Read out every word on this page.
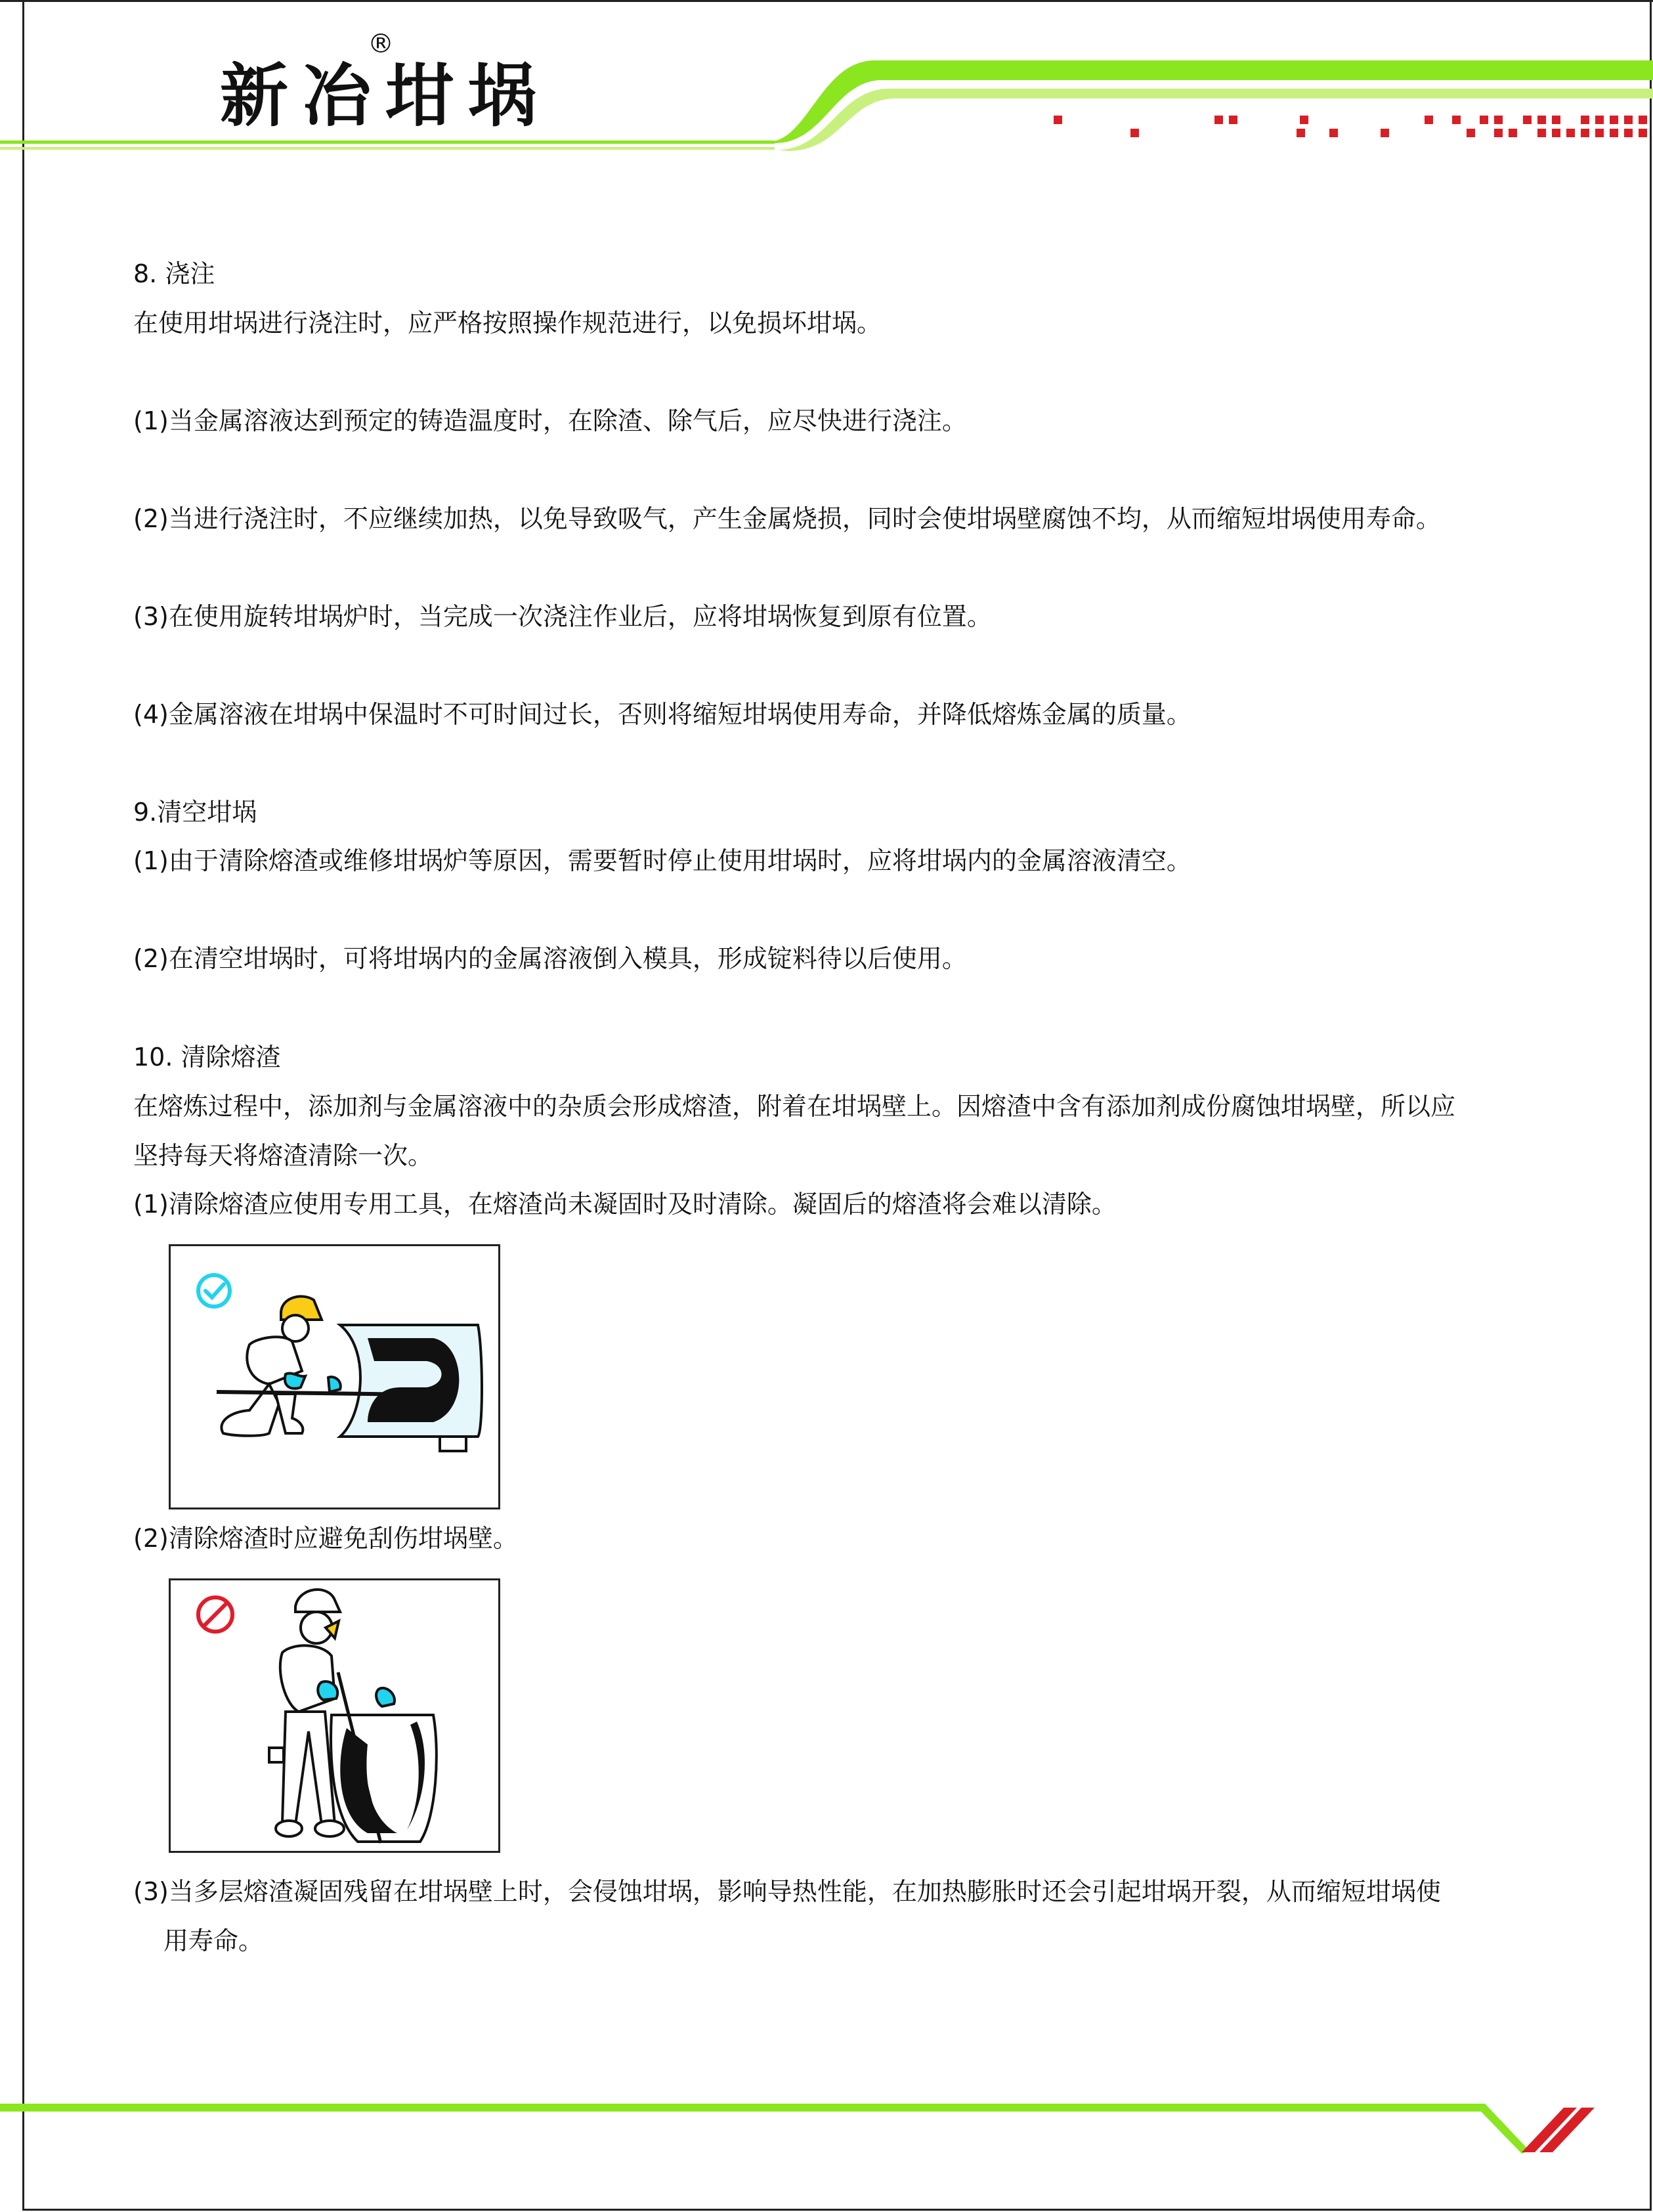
新冶坩埚
®
8. 浇注
在使用坩埚进行浇注时，应严格按照操作规范进行，以免损坏坩埚。
(1)当金属溶液达到预定的铸造温度时，在除渣、除气后，应尽快进行浇注。
(2)当进行浇注时，不应继续加热，以免导致吸气，产生金属烧损，同时会使坩埚壁腐蚀不均，从而缩短坩埚使用寿命。
(3)在使用旋转坩埚炉时，当完成一次浇注作业后，应将坩埚恢复到原有位置。
(4)金属溶液在坩埚中保温时不可时间过长，否则将缩短坩埚使用寿命，并降低熔炼金属的质量。
9.清空坩埚
(1)由于清除熔渣或维修坩埚炉等原因，需要暂时停止使用坩埚时，应将坩埚内的金属溶液清空。
(2)在清空坩埚时，可将坩埚内的金属溶液倒入模具，形成锭料待以后使用。
10. 清除熔渣
在熔炼过程中，添加剂与金属溶液中的杂质会形成熔渣，附着在坩埚壁上。因熔渣中含有添加剂成份腐蚀坩埚壁，所以应
坚持每天将熔渣清除一次。
(1)清除熔渣应使用专用工具，在熔渣尚未凝固时及时清除。凝固后的熔渣将会难以清除。
(2)清除熔渣时应避免刮伤坩埚壁。
(3)当多层熔渣凝固残留在坩埚壁上时，会侵蚀坩埚，影响导热性能，在加热膨胀时还会引起坩埚开裂，从而缩短坩埚使
用寿命。
